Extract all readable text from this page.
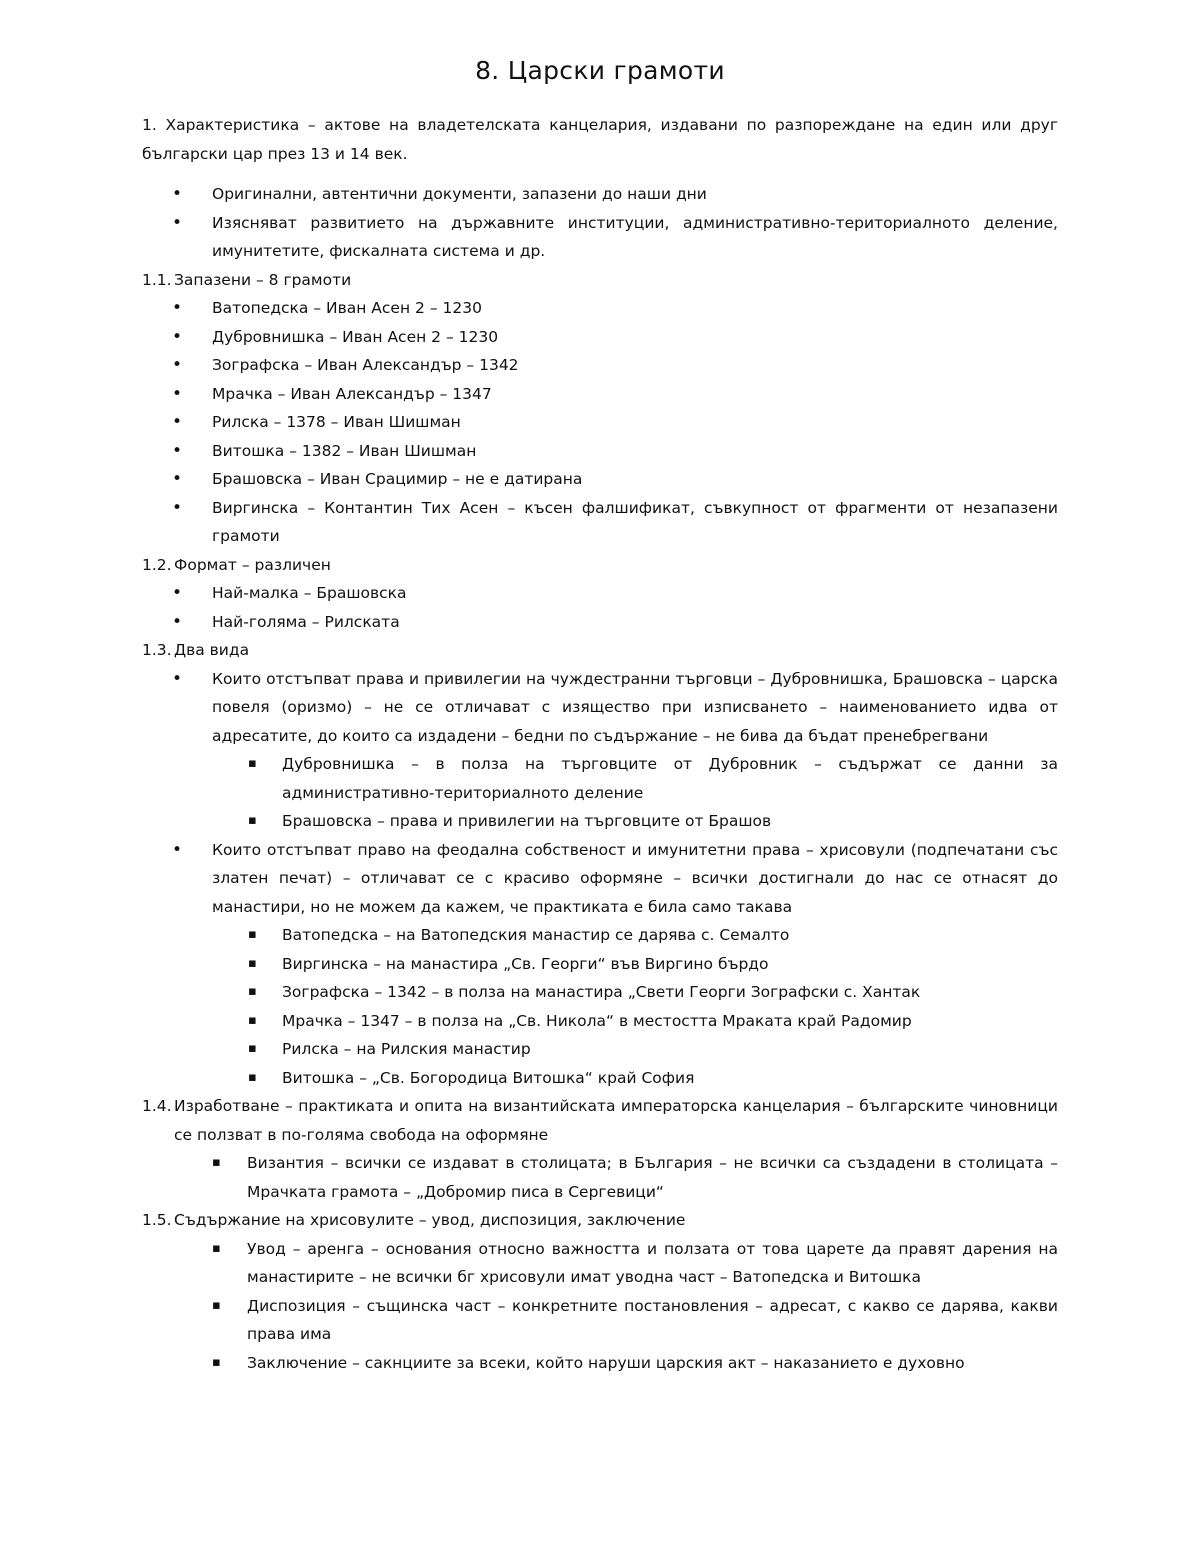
8. Царски грамоти

1. Характеристика – актове на владетелската канцелария, издавани по разпореждане на един или друг български цар през 13 и 14 век.

• Оригинални, автентични документи, запазени до наши дни
• Изясняват развитието на държавните институции, административно-териториалното деление, имунитетите, фискалната система и др.
1.1. Запазени – 8 грамоти
• Ватопедска – Иван Асен 2 – 1230
• Дубровнишка – Иван Асен 2 – 1230
• Зографска – Иван Александър – 1342
• Мрачка – Иван Александър – 1347
• Рилска – 1378 – Иван Шишман
• Витошка – 1382 – Иван Шишман
• Брашовска – Иван Срацимир – не е датирана
• Виргинска – Контантин Тих Асен – късен фалшификат, съвкупност от фрагменти от незапазени грамоти
1.2. Формат – различен
• Най-малка – Брашовска
• Най-голяма – Рилската
1.3. Два вида
• Които отстъпват права и привилегии на чуждестранни търговци – Дубровнишка, Брашовска – царска повеля (оризмо) – не се отличават с изящество при изписването – наименованието идва от адресатите, до които са издадени – бедни по съдържание – не бива да бъдат пренебрегвани
▪ Дубровнишка – в полза на търговците от Дубровник – съдържат се данни за административно-териториалното деление
▪ Брашовска – права и привилегии на търговците от Брашов
• Които отстъпват право на феодална собственост и имунитетни права – хрисовули (подпечатани със златен печат) – отличават се с красиво оформяне – всички достигнали до нас се отнасят до манастири, но не можем да кажем, че практиката е била само такава
▪ Ватопедска – на Ватопедския манастир се дарява с. Семалто
▪ Виргинска – на манастира „Св. Георги“ във Виргино бърдо
▪ Зографска – 1342 – в полза на манастира „Свети Георги Зографски с. Хантак
▪ Мрачка – 1347 – в полза на „Св. Никола“ в местостта Мраката край Радомир
▪ Рилска – на Рилския манастир
▪ Витошка – „Св. Богородица Витошка“ край София
1.4. Изработване – практиката и опита на византийската императорска канцелария – българските чиновници се ползват в по-голяма свобода на оформяне
▪ Византия – всички се издават в столицата; в България – не всички са създадени в столицата – Мрачката грамота – „Добромир писа в Сергевици“
1.5. Съдържание на хрисовулите – увод, диспозиция, заключение
▪ Увод – аренга – основания относно важността и ползата от това царете да правят дарения на манастирите – не всички бг хрисовули имат уводна част – Ватопедска и Витошка
▪ Диспозиция – същинска част – конкретните постановления – адресат, с какво се дарява, какви права има
▪ Заключение – сакнциите за всеки, който наруши царския акт – наказанието е духовно
